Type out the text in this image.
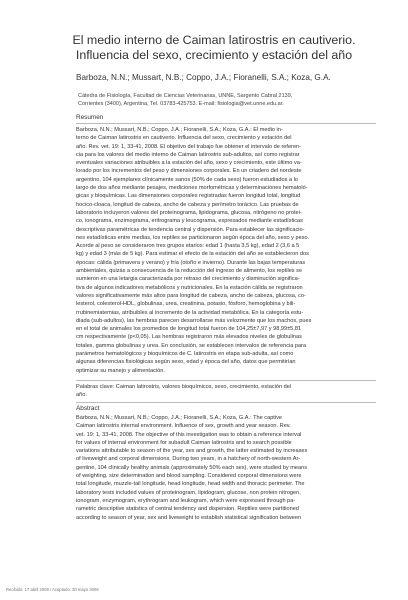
El medio interno de Caiman latirostris en cautiverio.
Influencia del sexo, crecimiento y estación del año
Barboza, N.N.; Mussart, N.B.; Coppo, J.A.; Fioranelli, S.A.; Koza, G.A.
Cátedra de Fisiología, Facultad de Ciencias Veterinarias, UNNE, Sargento Cabral 2139,
Corrientes (3400), Argentina, Tel. 03783-425753. E-mail: fisiologia@vet.unne.edu.ar.
Resumen
Barboza, N.N.; Mussart, N.B.; Coppo, J.A.; Fioranelli, S.A.; Koza, G.A.: El medio in-
terno de Caiman latirostris en cautiverio. Influencia del sexo, crecimiento y estación del
año. Rev. vet. 19: 1, 33-41, 2008. El objetivo del trabajo fue obtener el intervalo de referen-
cia para los valores del medio interno de Caiman latirostris sub-adultos, así como registrar
eventuales variaciones atribuibles a la estación del año, sexo y crecimiento, este último va-
lorado por los incrementos del peso y dimensiones corporales. En un criadero del nordeste
argentino, 104 ejemplares clínicamente sanos (50% de cada sexo) fueron estudiados a lo
largo de dos años mediante pesajes, mediciones morfométricas y determinaciones hematoló-
gicas y bioquímicas. Las dimensiones corporales registradas fueron longitud total, longitud
hocico-cloaca, longitud de cabeza, ancho de cabeza y perímetro torácico. Las pruebas de
laboratorio incluyeron valores del proteinograma, lipidograma, glucosa, nitrógeno no protei-
co, ionograma, enzimograma, eritrograma y leucograma, expresados mediante estadísticas
descriptivas paramétricas de tendencia central y dispersión. Para establecer las significacio-
nes estadísticas entre medias, los reptiles se particionaron según época del año, sexo y peso.
Acorde al peso se consideraron tres grupos etarios: edad 1 (hasta 3,5 kg), edad 2 (3,6 a 5
kg) y edad 3 (más de 5 kg). Para estimar el efecto de la estación del año se establecieron dos
épocas: cálida (primavera y verano) y fría (otoño e invierno). Durante las bajas temperaturas
ambientales, quizás a consecuencia de la reducción del ingreso de alimento, los reptiles se
sumieron en una letargia caracterizada por retraso del crecimiento y disminución significa-
tiva de algunos indicadores metabólicos y nutricionales. En la estación cálida se registraron
valores significativamente más altos para longitud de cabeza, ancho de cabeza, glucosa, co-
lesterol, colesterol-HDL, globulinas, urea, creatinina, potasio, fósforo, hemoglobina y bili-
rrubinemiatemias, atribuibles al incremento de la actividad metabólica. En la categoría estu-
diada (sub-adultos), las hembras parecen desarrollarse más velozmente que los machos, pues
en el total de animales los promedios de longitud total fueron de 104,25±7,97 y 98,99±5,81
cm respectivamente (p<0,05). Las hembras registraron más elevados niveles de globulinas
totales, gamma globulinas y urea. En conclusión, se establecen intervalos de referencia para
parámetros hematológicos y bioquímicos de C. latirostris en etapa sub-adulta, así como
algunas diferencias fisiológicas según sexo, edad y época del año, datos que permitirían
optimizar su manejo y alimentación.
Palabras clave: Caiman latirostris, valores bioquímicos, sexo, crecimiento, estación del
año.
Abstract
Barboza, N.N.; Mussart, N.B.; Coppo, J.A.; Fioranelli, S.A.; Koza, G.A.: The captive
Caiman latirostris internal environment. Influence of sex, growth and year season. Rev.
vet. 19: 1, 33-41, 2008. The objective of this investigation was to obtain a reference interval
for values of internal environment for subadult Caiman latirostris and to search possible
variations attributable to season of the year, sex and growth, the latter estimated by increases
of liveweight and corporal dimensions. During two years, in a hatchery of north-western Ar-
gentine, 104 clinically healthy animals (approximately 50% each sex), were studied by means
of weighting, size determination and blood sampling. Considered corporal dimensions were
total longitude, muzzle-tail longitude, head longitude, head width and thoracic perimeter. The
laboratory tests included values of proteinogram, lipidogram, glucose, non protein nitrogen,
ionogram, enzymogram, erythrogram and leukogram, which were expressed through pa-
rametric descriptive statistics of central tendency and dispersion. Reptiles were partitioned
according to season of year, sex and liveweight to establish statistical signification between
Recibido: 17 abril 2008 / Aceptado: 30 mayo 2008
